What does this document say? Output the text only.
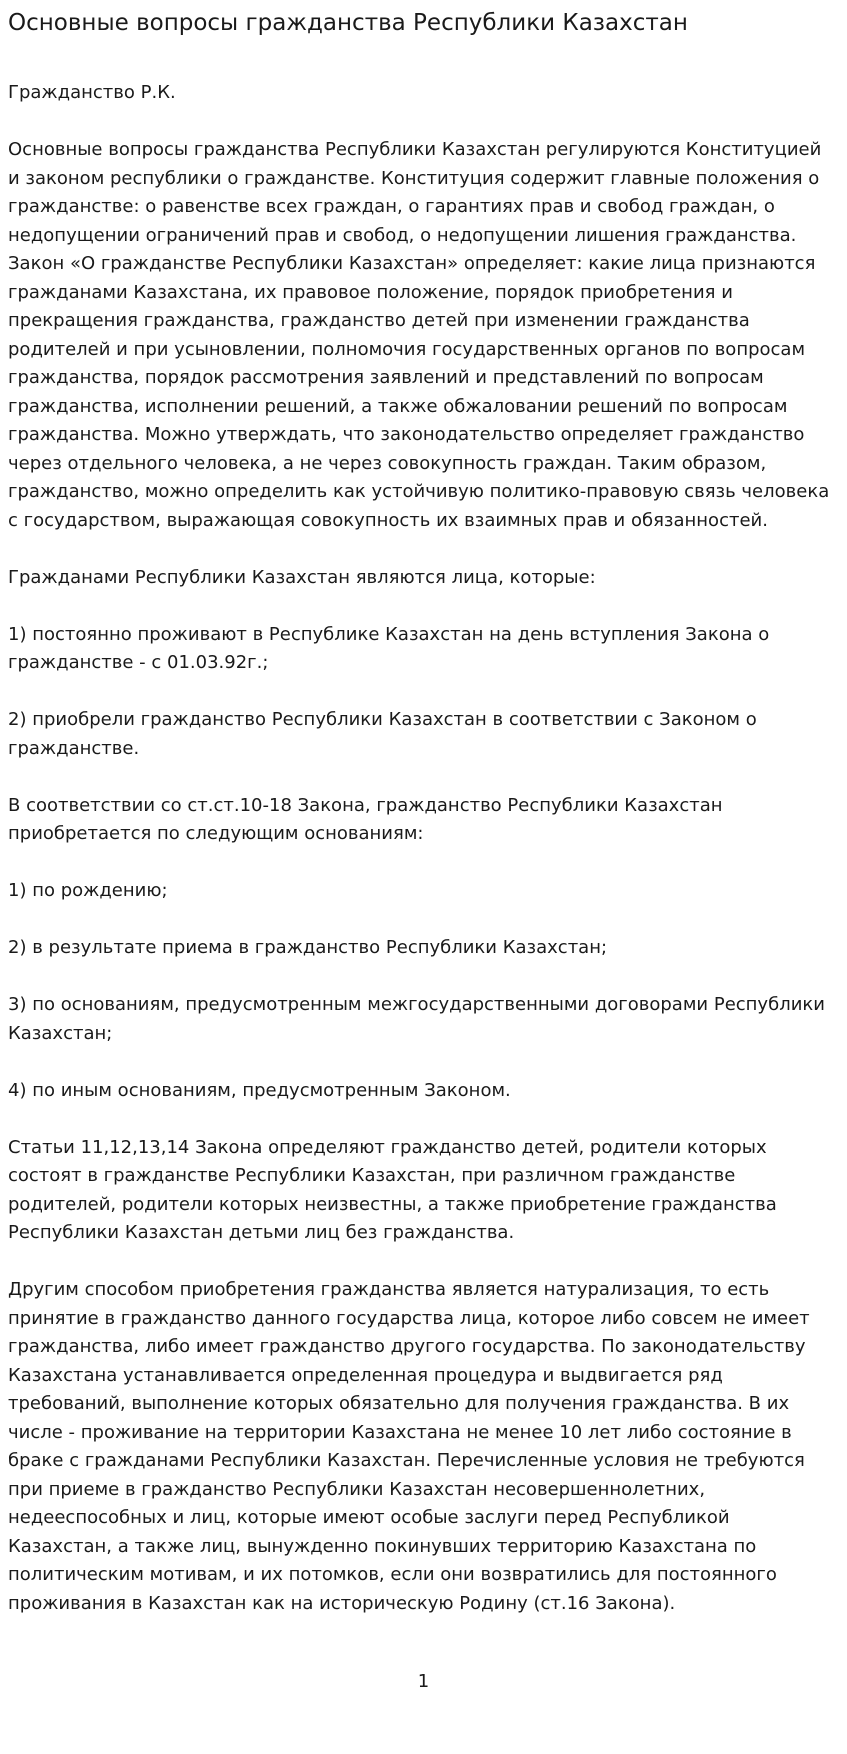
Основные вопросы гражданства Республики Казахстан

Гражданство Р.К.

Основные вопросы гражданства Республики Казахстан регулируются Конституцией и законом республики о гражданстве. Конституция содержит главные положения о гражданстве: о равенстве всех граждан, о гарантиях прав и свобод граждан, о недопущении ограничений прав и свобод, о недопущении лишения гражданства. Закон «О гражданстве Республики Казахстан» определяет: какие лица признаются гражданами Казахстана, их правовое положение, порядок приобретения и прекращения гражданства, гражданство детей при изменении гражданства родителей и при усыновлении, полномочия государственных органов по вопросам гражданства, порядок рассмотрения заявлений и представлений по вопросам гражданства, исполнении решений, а также обжаловании решений по вопросам гражданства. Можно утверждать, что законодательство определяет гражданство через отдельного человека, а не через совокупность граждан. Таким образом, гражданство, можно определить как устойчивую политико-правовую связь человека с государством, выражающая совокупность их взаимных прав и обязанностей.

Гражданами Республики Казахстан являются лица, которые:

1) постоянно проживают в Республике Казахстан на день вступления Закона о гражданстве - с 01.03.92г.;

2) приобрели гражданство Республики Казахстан в соответствии с Законом о гражданстве.

В соответствии со ст.ст.10-18 Закона, гражданство Республики Казахстан приобретается по следующим основаниям:

1) по рождению;

2) в результате приема в гражданство Республики Казахстан;

3) по основаниям, предусмотренным межгосударственными договорами Республики Казахстан;

4) по иным основаниям, предусмотренным Законом.

Статьи 11,12,13,14 Закона определяют гражданство детей, родители которых состоят в гражданстве Республики Казахстан, при различном гражданстве родителей, родители которых неизвестны, а также приобретение гражданства Республики Казахстан детьми лиц без гражданства.

Другим способом приобретения гражданства является натурализация, то есть принятие в гражданство данного государства лица, которое либо совсем не имеет гражданства, либо имеет гражданство другого государства. По законодательству Казахстана устанавливается определенная процедура и выдвигается ряд требований, выполнение которых обязательно для получения гражданства. В их числе - проживание на территории Казахстана не менее 10 лет либо состояние в браке с гражданами Республики Казахстан. Перечисленные условия не требуются при приеме в гражданство Республики Казахстан несовершеннолетних, недееспособных и лиц, которые имеют особые заслуги перед Республикой Казахстан, а также лиц, вынужденно покинувших территорию Казахстана по политическим мотивам, и их потомков, если они возвратились для постоянного проживания в Казахстан как на историческую Родину (ст.16 Закона).

1
